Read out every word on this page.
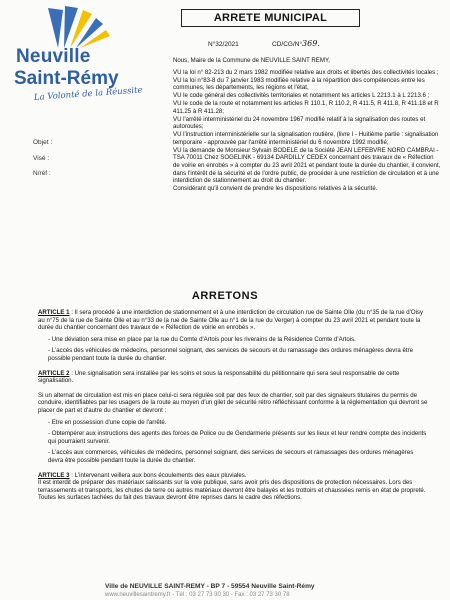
Neuville
Saint-Rémy
La Volonté de la Réussite
Objet :
Visé :
N/réf :
ARRETE MUNICIPAL
N°32/2021	CD/CG/N°369.
Nous, Maire de la Commune de NEUVILLE SAINT REMY,

VU la loi n° 82-213 du 2 mars 1982 modifiée relative aux droits et libertés des collectivités locales ;

VU la loi n°83-8 du 7 janvier 1983 modifiée relative à la répartition des compétences entre les communes, les départements, les régions et l'état,

VU le code général des collectivités territoriales et notamment les articles L 2213.1 à L 2213.6 ;

VU le code de la route et notamment les articles R 110.1, R 110.2, R 411.5, R 411.8, R 411.18 et R 411.25 à R 411.28;

VU l'arrêté interministériel du 24 novembre 1967 modifié relatif à la signalisation des routes et autoroutes;

VU l'instruction interministérielle sur la signalisation routière, (livre I - Huitième partie : signalisation temporaire - approuvée par l'arrêté interministériel du 6 novembre 1992 modifié;

VU la demande de Monsieur Sylvain BODELE de la Société JEAN LEFEBVRE NORD CAMBRAI - TSA 70011 Chez SOGELINK - 69134 DARDILLY CEDEX concernant des travaux de « Réfection de voirie en enrobés » à compter du 23 avril 2021 et pendant toute la durée du chantier, il convient, dans l'intérêt de la sécurité et de l'ordre public, de procéder à une restriction de circulation et à une interdiction de stationnement au droit du chantier.

Considérant qu'il convient de prendre les dispositions relatives à la sécurité.

ARRETONS

ARTICLE 1 : Il sera procédé à une interdiction de stationnement et à une interdiction de circulation rue de Sainte Olle (du n°35 de la rue d'Oisy au n°75 de la rue de Sainte Olle et au n°33 de la rue de Sainte Olle au n°1 de la rue du Verger) à compter du 23 avril 2021 et pendant toute la durée du chantier concernant des travaux de « Réfection de voirie en enrobés ».

- Une déviation sera mise en place par la rue du Comte d'Artois pour les riverains de la Résidence Comte d'Artois.

- L'accès des véhicules de médecins, personnel soignant, des services de secours et du ramassage des ordures ménagères devra être possible pendant toute la durée du chantier.

ARTICLE 2 : Une signalisation sera installée par les soins et sous la responsabilité du pétitionnaire qui sera seul responsable de cette signalisation.

Si un alternat de circulation est mis en place celui-ci sera régulée soit par des feux de chantier, soit par des signaleurs titulaires du permis de conduire, identifiables par les usagers de la route au moyen d'un gilet de sécurité rétro réfléchissant conforme à la réglementation qui devront se placer de part et d'autre du chantier et devront :

- Etre en possession d'une copie de l'arrêté.

- Obtempérer aux instructions des agents des forces de Police ou de Gendarmerie présents sur les lieux et leur rendre compte des incidents qui pourraient survenir.

- L'accès aux commerces, véhicules de médecins, personnel soignant, des services de secours et ramassages des ordures ménagères devra être possible pendant toute la durée du chantier.

ARTICLE 3 : L'intervenant veillera aux bons écoulements des eaux pluviales.

Il est interdit de préparer des matériaux salissants sur la voie publique, sans avoir pris des dispositions de protection nécessaires. Lors des terrassements et transports, les chutes de terre ou autres matériaux devront être balayés et les trottoirs et chaussées remis en état de propreté. Toutes les surfaces tachées du fait des travaux devront être reprises dans le cadre des réfections.

Ville de NEUVILLE SAINT-REMY - BP 7 - 59554 Neuville Saint-Rémy
www.neuvillesaintremy.fr - Tél : 03 27 73 30 30 - Fax : 03 27 73 30 78
